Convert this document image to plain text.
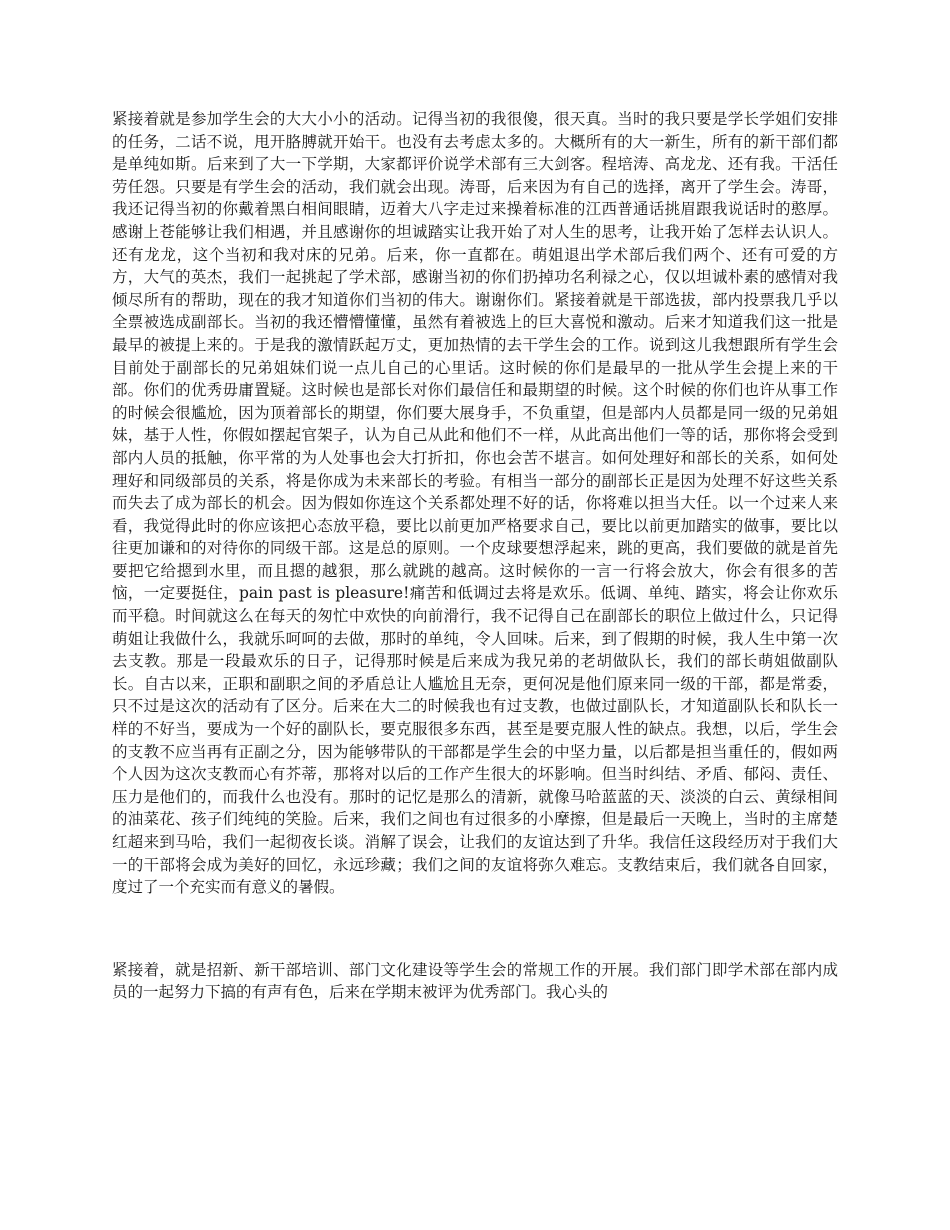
紧接着就是参加学生会的大大小小的活动。记得当初的我很傻，很天真。当时的我只要是学长学姐们安排的任务，二话不说，甩开胳膊就开始干。也没有去考虑太多的。大概所有的大一新生，所有的新干部们都是单纯如斯。后来到了大一下学期，大家都评价说学术部有三大剑客。程培涛、高龙龙、还有我。干活任劳任怨。只要是有学生会的活动，我们就会出现。涛哥，后来因为有自己的选择，离开了学生会。涛哥，我还记得当初的你戴着黑白相间眼睛，迈着大八字走过来操着标准的江西普通话挑眉跟我说话时的憨厚。感谢上苍能够让我们相遇，并且感谢你的坦诚踏实让我开始了对人生的思考，让我开始了怎样去认识人。还有龙龙，这个当初和我对床的兄弟。后来，你一直都在。萌姐退出学术部后我们两个、还有可爱的方方，大气的英杰，我们一起挑起了学术部，感谢当初的你们扔掉功名利禄之心，仅以坦诚朴素的感情对我倾尽所有的帮助，现在的我才知道你们当初的伟大。谢谢你们。紧接着就是干部选拔，部内投票我几乎以全票被选成副部长。当初的我还懵懵懂懂，虽然有着被选上的巨大喜悦和激动。后来才知道我们这一批是最早的被提上来的。于是我的激情跃起万丈，更加热情的去干学生会的工作。说到这儿我想跟所有学生会目前处于副部长的兄弟姐妹们说一点儿自己的心里话。这时候的你们是最早的一批从学生会提上来的干部。你们的优秀毋庸置疑。这时候也是部长对你们最信任和最期望的时候。这个时候的你们也许从事工作的时候会很尴尬，因为顶着部长的期望，你们要大展身手，不负重望，但是部内人员都是同一级的兄弟姐妹，基于人性，你假如摆起官架子，认为自己从此和他们不一样，从此高出他们一等的话，那你将会受到部内人员的抵触，你平常的为人处事也会大打折扣，你也会苦不堪言。如何处理好和部长的关系，如何处理好和同级部员的关系，将是你成为未来部长的考验。有相当一部分的副部长正是因为处理不好这些关系而失去了成为部长的机会。因为假如你连这个关系都处理不好的话，你将难以担当大任。以一个过来人来看，我觉得此时的你应该把心态放平稳，要比以前更加严格要求自己，要比以前更加踏实的做事，要比以往更加谦和的对待你的同级干部。这是总的原则。一个皮球要想浮起来，跳的更高，我们要做的就是首先要把它给摁到水里，而且摁的越狠，那么就跳的越高。这时候你的一言一行将会放大，你会有很多的苦恼，一定要挺住，pain past is pleasure!痛苦和低调过去将是欢乐。低调、单纯、踏实，将会让你欢乐而平稳。时间就这么在每天的匆忙中欢快的向前滑行，我不记得自己在副部长的职位上做过什么，只记得萌姐让我做什么，我就乐呵呵的去做，那时的单纯，令人回味。后来，到了假期的时候，我人生中第一次去支教。那是一段最欢乐的日子，记得那时候是后来成为我兄弟的老胡做队长，我们的部长萌姐做副队长。自古以来，正职和副职之间的矛盾总让人尴尬且无奈，更何况是他们原来同一级的干部，都是常委，只不过是这次的活动有了区分。后来在大二的时候我也有过支教，也做过副队长，才知道副队长和队长一样的不好当，要成为一个好的副队长，要克服很多东西，甚至是要克服人性的缺点。我想，以后，学生会的支教不应当再有正副之分，因为能够带队的干部都是学生会的中坚力量，以后都是担当重任的，假如两个人因为这次支教而心有芥蒂，那将对以后的工作产生很大的坏影响。但当时纠结、矛盾、郁闷、责任、压力是他们的，而我什么也没有。那时的记忆是那么的清新，就像马哈蓝蓝的天、淡淡的白云、黄绿相间的油菜花、孩子们纯纯的笑脸。后来，我们之间也有过很多的小摩擦，但是最后一天晚上，当时的主席楚红超来到马哈，我们一起彻夜长谈。消解了误会，让我们的友谊达到了升华。我信任这段经历对于我们大一的干部将会成为美好的回忆，永远珍藏；我们之间的友谊将弥久难忘。支教结束后，我们就各自回家，度过了一个充实而有意义的暑假。

紧接着，就是招新、新干部培训、部门文化建设等学生会的常规工作的开展。我们部门即学术部在部内成员的一起努力下搞的有声有色，后来在学期末被评为优秀部门。我心头的
